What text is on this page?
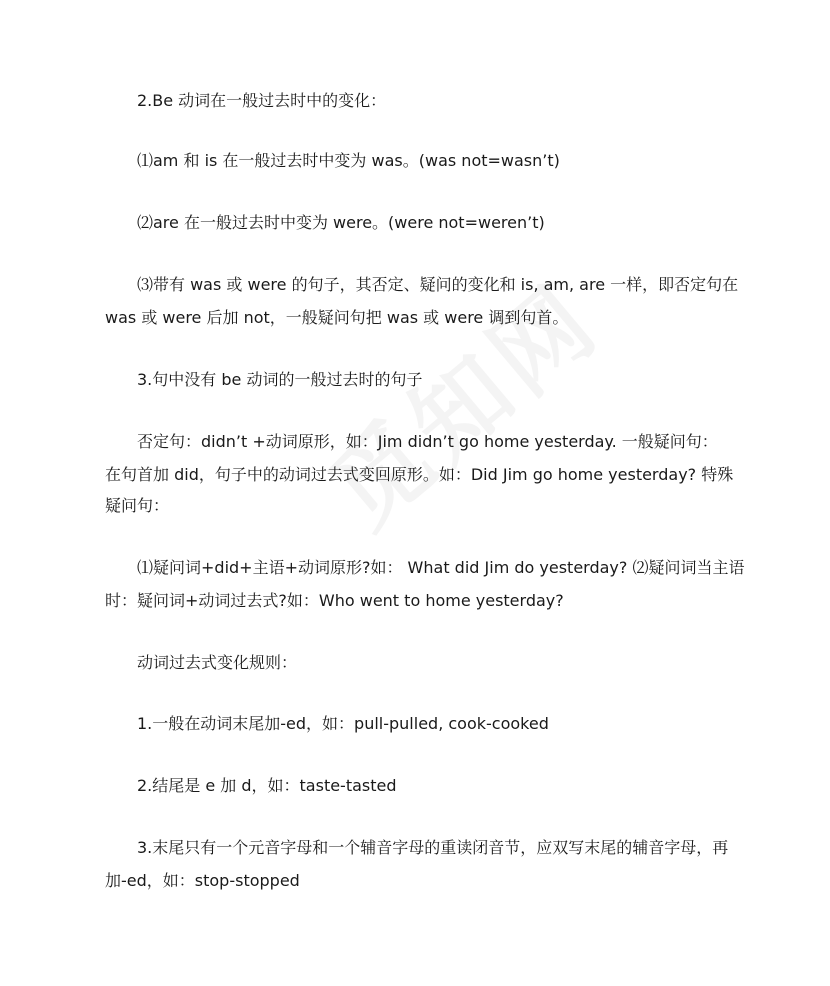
2.Be 动词在一般过去时中的变化：
⑴am 和 is 在一般过去时中变为 was。(was not=wasn’t)
⑵are 在一般过去时中变为 were。(were not=weren’t)
⑶带有 was 或 were 的句子，其否定、疑问的变化和 is, am, are 一样，即否定句在
was 或 were 后加 not，一般疑问句把 was 或 were 调到句首。
3.句中没有 be 动词的一般过去时的句子
否定句：didn’t +动词原形，如：Jim didn’t go home yesterday. 一般疑问句：
在句首加 did，句子中的动词过去式变回原形。如：Did Jim go home yesterday? 特殊
疑问句：
⑴疑问词+did+主语+动词原形?如： What did Jim do yesterday? ⑵疑问词当主语
时：疑问词+动词过去式?如：Who went to home yesterday?
动词过去式变化规则：
1.一般在动词末尾加-ed，如：pull-pulled, cook-cooked
2.结尾是 e 加 d，如：taste-tasted
3.末尾只有一个元音字母和一个辅音字母的重读闭音节，应双写末尾的辅音字母，再
加-ed，如：stop-stopped
